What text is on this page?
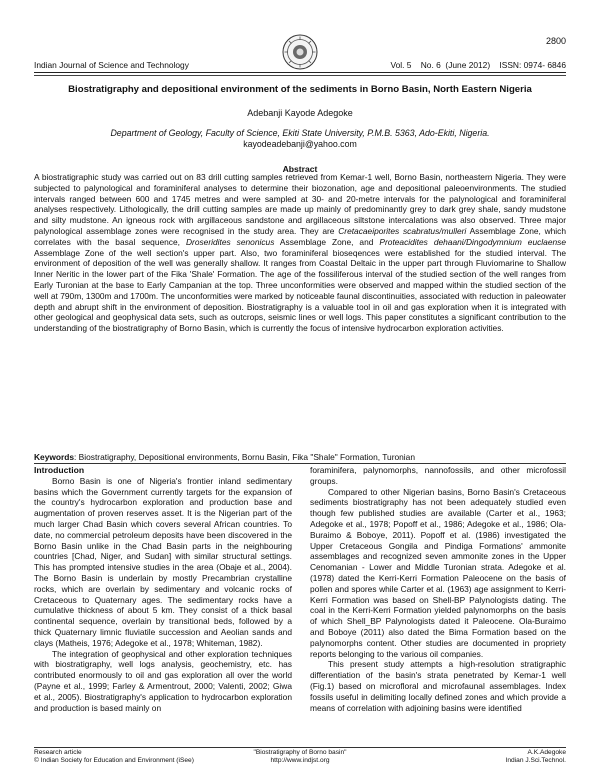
2800
Indian Journal of Science and Technology	Vol. 5    No. 6  (June 2012)    ISSN: 0974- 6846
Biostratigraphy and depositional environment of the sediments in Borno Basin, North Eastern Nigeria
Adebanji Kayode Adegoke
Department of Geology, Faculty of Science, Ekiti State University, P.M.B. 5363, Ado-Ekiti, Nigeria.
kayodeadebanji@yahoo.com
Abstract
A biostratigraphic study was carried out on 83 drill cutting samples retrieved from Kemar-1 well, Borno Basin, northeastern Nigeria. They were subjected to palynological and foraminiferal analyses to determine their biozonation, age and depositional paleoenvironments. The studied intervals ranged between 600 and 1745 metres and were sampled at 30- and 20-metre intervals for the palynological and foraminiferal analyses respectively. Lithologically, the drill cutting samples are made up mainly of predominantly grey to dark grey shale, sandy mudstone and silty mudstone. An igneous rock with argillaceous sandstone and argillaceous siltstone intercalations was also observed. Three major palynological assemblage zones were recognised in the study area. They are Cretacaeiporites scabratus/mulleri Assemblage Zone, which correlates with the basal sequence, Droseridites senonicus Assemblage Zone, and Proteacidites dehaani/Dingodymnium euclaense Assemblage Zone of the well section's upper part. Also, two foraminiferal bioseqences were established for the studied interval. The environment of deposition of the well was generally shallow. It ranges from Coastal Deltaic in the upper part through Fluviomarine to Shallow Inner Neritic in the lower part of the Fika 'Shale' Formation. The age of the fossiliferous interval of the studied section of the well ranges from Early Turonian at the base to Early Campanian at the top. Three unconformities were observed and mapped within the studied section of the well at 790m, 1300m and 1700m. The unconformities were marked by noticeable faunal discontinuities, associated with reduction in paleowater depth and abrupt shift in the environment of deposition. Biostratigraphy is a valuable tool in oil and gas exploration when it is integrated with other geological and geophysical data sets, such as outcrops, seismic lines or well logs. This paper constitutes a significant contribution to the understanding of the biostratigraphy of Borno Basin, which is currently the focus of intensive hydrocarbon exploration activities.
Keywords: Biostratigraphy, Depositional environments, Bornu Basin, Fika "Shale" Formation, Turonian
Introduction

Borno Basin is one of Nigeria's frontier inland sedimentary basins which the Government currently targets for the expansion of the country's hydrocarbon exploration and production base and augmentation of proven reserves asset. It is the Nigerian part of the much larger Chad Basin which covers several African countries. To date, no commercial petroleum deposits have been discovered in the Borno Basin unlike in the Chad Basin parts in the neighbouring countries [Chad, Niger, and Sudan] with similar structural settings. This has prompted intensive studies in the area (Obaje et al., 2004). The Borno Basin is underlain by mostly Precambrian crystalline rocks, which are overlain by sedimentary and volcanic rocks of Cretaceous to Quaternary ages. The sedimentary rocks have a cumulative thickness of about 5 km. They consist of a thick basal continental sequence, overlain by transitional beds, followed by a thick Quaternary limnic fluviatile succession and Aeolian sands and clays (Matheis, 1976; Adegoke et al., 1978; Whiteman, 1982).

The integration of geophysical and other exploration techniques with biostratigraphy, well logs analysis, geochemistry, etc. has contributed enormously to oil and gas exploration all over the world (Payne et al., 1999; Farley & Armentrout, 2000; Valenti, 2002; Giwa et al., 2005). Biostratigraphy's application to hydrocarbon exploration and production is based mainly on

foraminifera, palynomorphs, nannofossils, and other microfossil groups.

Compared to other Nigerian basins, Borno Basin's Cretaceous sediments biostratigraphy has not been adequately studied even though few published studies are available (Carter et al., 1963; Adegoke et al., 1978; Popoff et al., 1986; Adegoke et al., 1986; Ola-Buraimo & Boboye, 2011). Popoff et al. (1986) investigated the Upper Cretaceous Gongila and Pindiga Formations' ammonite assemblages and recognized seven ammonite zones in the Upper Cenomanian - Lower and Middle Turonian strata. Adegoke et al. (1978) dated the Kerri-Kerri Formation Paleocene on the basis of pollen and spores while Carter et al. (1963) age assignment to Kerri-Kerri Formation was based on Shell-BP Palynologists dating. The coal in the Kerri-Kerri Formation yielded palynomorphs on the basis of which Shell_BP Palynologists dated it Paleocene. Ola-Buraimo and Boboye (2011) also dated the Bima Formation based on the palynomorphs content. Other studies are documented in propriety reports belonging to the various oil companies.

This present study attempts a high-resolution stratigraphic differentiation of the basin's strata penetrated by Kemar-1 well (Fig.1) based on microfloral and microfaunal assemblages. Index fossils useful in delimiting locally defined zones and which provide a means of correlation with adjoining basins were identified

Research article
© Indian Society for Education and Environment (iSee)
"Biostratigraphy of Borno basin"
http://www.indjst.org
A.K.Adegoke
Indian J.Sci.Technol.
